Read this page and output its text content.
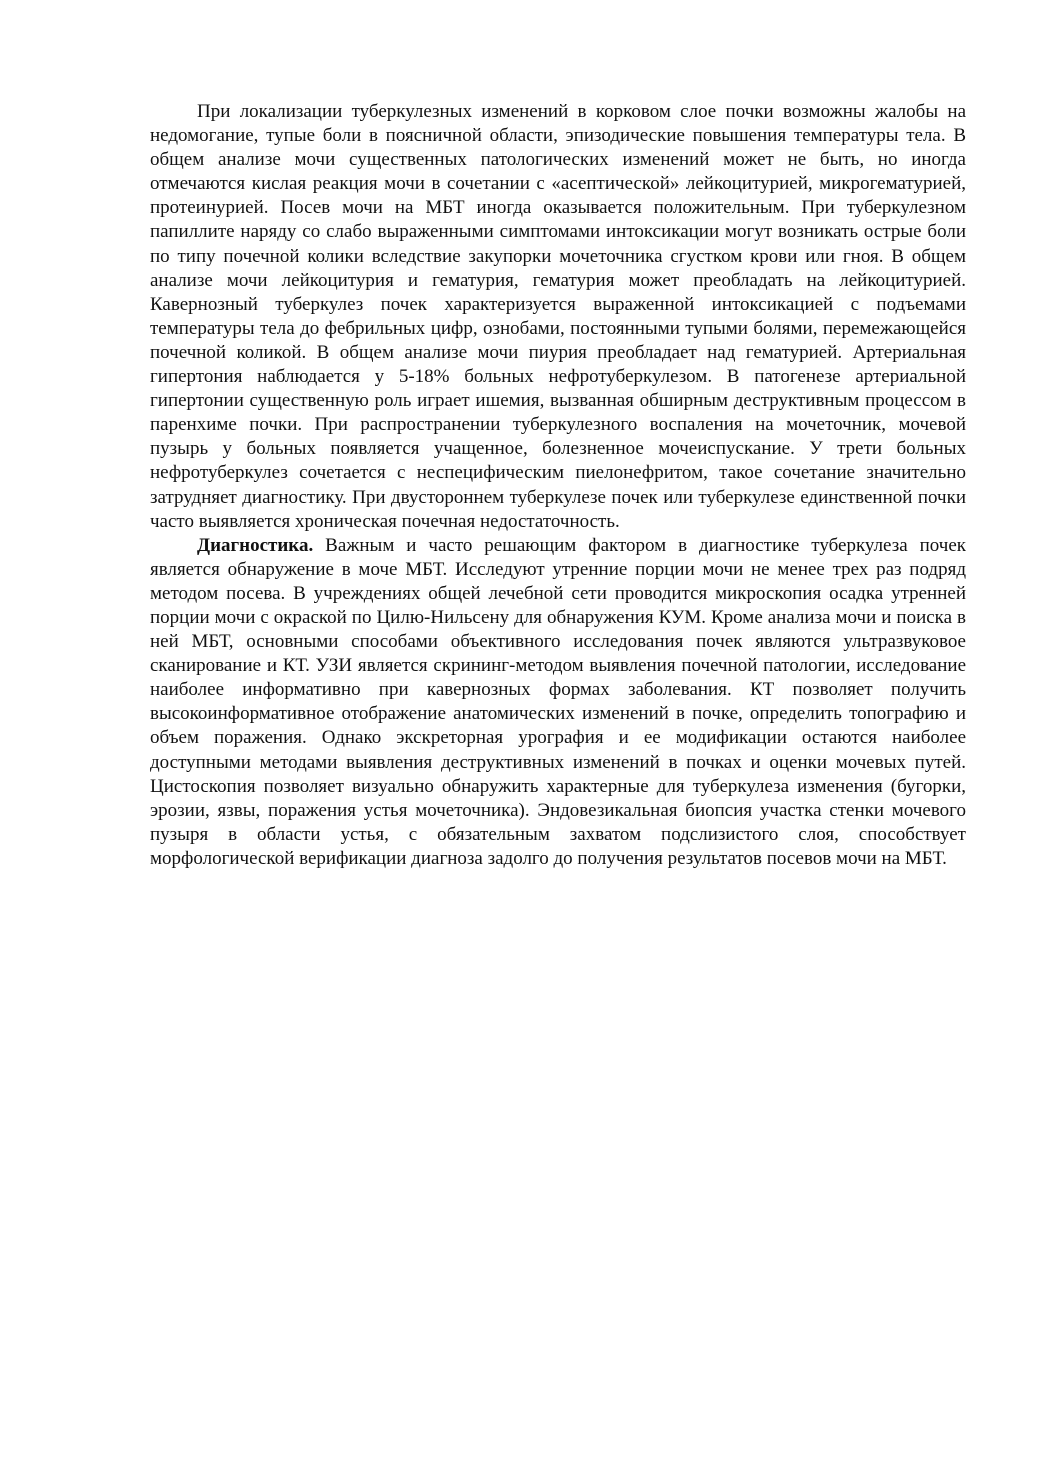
При локализации туберкулезных изменений в корковом слое почки возможны жалобы на недомогание, тупые боли в поясничной области, эпизодические повышения температуры тела. В общем анализе мочи существенных патологических изменений может не быть, но иногда отмечаются кислая реакция мочи в сочетании с «асептической» лейкоцитурией, микрогематурией, протеинурией. Посев мочи на МБТ иногда оказывается положительным. При туберкулезном папиллите наряду со слабо выраженными симптомами интоксикации могут возникать острые боли по типу почечной колики вследствие закупорки мочеточника сгустком крови или гноя. В общем анализе мочи лейкоцитурия и гематурия, гематурия может преобладать на лейкоцитурией. Кавернозный туберкулез почек характеризуется выраженной интоксикацией с подъемами температуры тела до фебрильных цифр, ознобами, постоянными тупыми болями, перемежающейся почечной коликой. В общем анализе мочи пиурия преобладает над гематурией. Артериальная гипертония наблюдается у 5-18% больных нефротуберкулезом. В патогенезе артериальной гипертонии существенную роль играет ишемия, вызванная обширным деструктивным процессом в паренхиме почки. При распространении туберкулезного воспаления на мочеточник, мочевой пузырь у больных появляется учащенное, болезненное мочеиспускание. У трети больных нефротуберкулез сочетается с неспецифическим пиелонефритом, такое сочетание значительно затрудняет диагностику. При двустороннем туберкулезе почек или туберкулезе единственной почки часто выявляется хроническая почечная недостаточность.

Диагностика. Важным и часто решающим фактором в диагностике туберкулеза почек является обнаружение в моче МБТ. Исследуют утренние порции мочи не менее трех раз подряд методом посева. В учреждениях общей лечебной сети проводится микроскопия осадка утренней порции мочи с окраской по Цилю-Нильсену для обнаружения КУМ. Кроме анализа мочи и поиска в ней МБТ, основными способами объективного исследования почек являются ультразвуковое сканирование и КТ. УЗИ является скрининг-методом выявления почечной патологии, исследование наиболее информативно при кавернозных формах заболевания. КТ позволяет получить высокоинформативное отображение анатомических изменений в почке, определить топографию и объем поражения. Однако экскреторная урография и ее модификации остаются наиболее доступными методами выявления деструктивных изменений в почках и оценки мочевых путей. Цистоскопия позволяет визуально обнаружить характерные для туберкулеза изменения (бугорки, эрозии, язвы, поражения устья мочеточника). Эндовезикальная биопсия участка стенки мочевого пузыря в области устья, с обязательным захватом подслизистого слоя, способствует морфологической верификации диагноза задолго до получения результатов посевов мочи на МБТ.
